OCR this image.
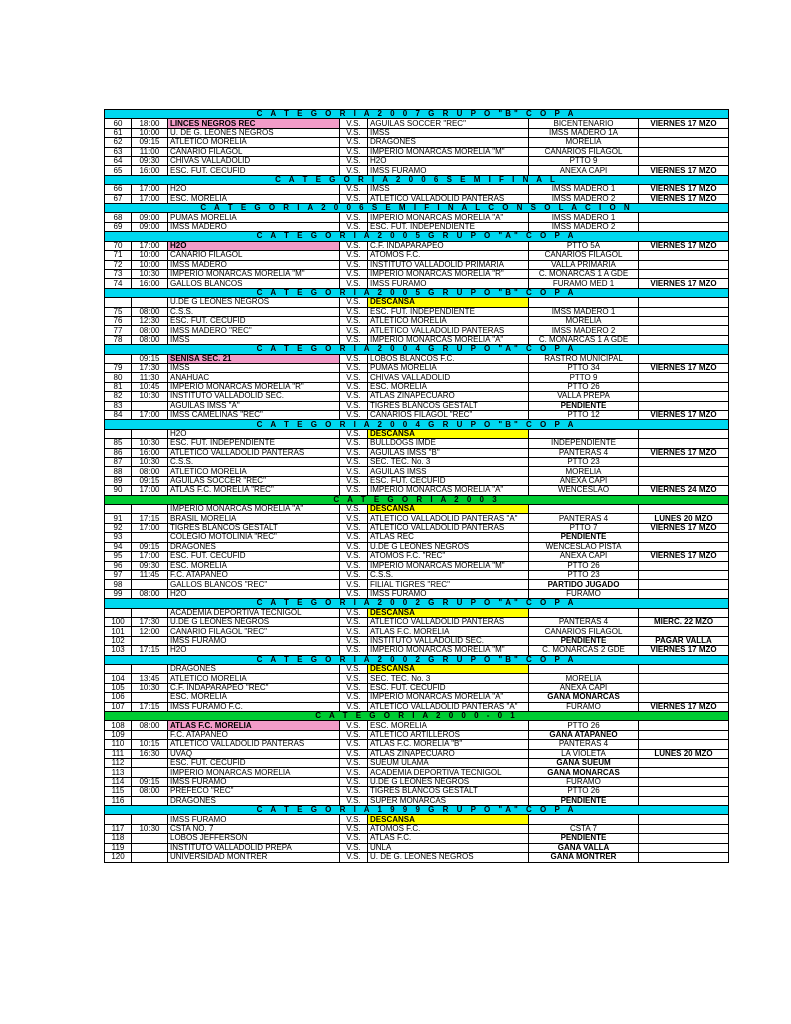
C A T E G O R I A 2 0 0 7 G R U P O "B" C O P A						
60	18:00	LINCES NEGROS REC	V.S.	AGUILAS SOCCER "REC"	BICENTENARIO	VIERNES 17 MZO
61	10:00	U. DE G. LEONES NEGROS	V.S.	IMSS	IMSS MADERO 1A	
62	09:15	ATLETICO MORELIA	V.S.	DRAGONES	MORELIA	
63	11:00	CANARIO FILAGOL	V.S.	IMPERIO MONARCAS MORELIA "M"	CANARIOS FILAGOL	
64	09:30	CHIVAS VALLADOLID	V.S.	H2O	PTTO 9	
65	16:00	ESC. FUT. CECUFID	V.S.	IMSS FURAMO	ANEXA CAPI	VIERNES 17 MZO
C A T E G O R I A 2 0 0 6 S E M I F I N A L						
66	17:00	H2O	V.S.	IMSS	IMSS MADERO 1	VIERNES 17 MZO
67	17:00	ESC. MORELIA	V.S.	ATLETICO VALLADOLID PANTERAS	IMSS MADERO 2	VIERNES 17 MZO
C A T E G O R I A 2 0 0 6 S E M I F I N A L C O N S O L A C I O N						
68	09:00	PUMAS MORELIA	V.S.	IMPERIO MONARCAS MORELIA "A"	IMSS MADERO 1	
69	09:00	IMSS MADERO	V.S.	ESC. FUT. INDEPENDIENTE	IMSS MADERO 2	
C A T E G O R I A 2 0 0 5 G R U P O "A" C O P A						
70	17:00	H2O	V.S.	C.F. INDAPARAPEO	PTTO 5A	VIERNES 17 MZO
71	10:00	CANARIO FILAGOL	V.S.	ATOMOS F.C.	CANARIOS FILAGOL	
72	10:00	IMSS MADERO	V.S.	INSTITUTO VALLADOLID PRIMARIA	VALLA PRIMARIA	
73	10:30	IMPERIO MONARCAS MORELIA "M"	V.S.	IMPERIO MONARCAS MORELIA "R"	C. MONARCAS 1 A GDE	
74	16:00	GALLOS BLANCOS	V.S.	IMSS FURAMO	FURAMO MED 1	VIERNES 17 MZO
C A T E G O R I A 2 0 0 5 G R U P O "B" C O P A						
		U.DE G LEONES NEGROS	V.S.	DESCANSA		
75	08:00	C.S.S.	V.S.	ESC. FUT. INDEPENDIENTE	IMSS MADERO 1	
76	12:30	ESC. FUT. CECUFID	V.S.	ATLETICO MORELIA	MORELIA	
77	08:00	IMSS MADERO "REC"	V.S.	ATLETICO VALLADOLID PANTERAS	IMSS MADERO 2	
78	08:00	IMSS	V.S.	IMPERIO MONARCAS MORELIA "A"	C. MONARCAS 1 A GDE	
C A T E G O R I A 2 0 0 4 G R U P O "A" C O P A						
	09:15	SENISA SEC. 21	V.S.	LOBOS BLANCOS F.C.	RASTRO MUNICIPAL	
79	17:30	IMSS	V.S.	PUMAS MORELIA	PTTO 34	VIERNES 17 MZO
80	11:30	ANAHUAC	V.S.	CHIVAS VALLADOLID	PTTO 9	
81	10:45	IMPERIO MONARCAS MORELIA "R"	V.S.	ESC. MORELIA	PTTO 26	
82	10:30	INSTITUTO VALLADOLID SEC.	V.S.	ATLAS ZINAPECUARO	VALLA PREPA	
83		AGUILAS IMSS "A"	V.S.	TIGRES BLANCOS GESTALT	PENDIENTE	
84	17:00	IMSS CAMELINAS "REC"	V.S.	CANARIOS FILAGOL "REC"	PTTO 12	VIERNES 17 MZO
C A T E G O R I A 2 0 0 4 G R U P O "B" C O P A						
		H2O	V.S.	DESCANSA		
85	10:30	ESC. FUT. INDEPENDIENTE	V.S.	BULLDOGS IMDE	INDEPENDIENTE	
86	16:00	ATLETICO VALLADOLID PANTERAS	V.S.	AGUILAS IMSS "B"	PANTERAS 4	VIERNES 17 MZO
87	10:30	C.S.S.	V.S.	SEC. TEC. No. 3	PTTO 23	
88	08:00	ATLETICO MORELIA	V.S.	AGUILAS IMSS	MORELIA	
89	09:15	AGUILAS SOCCER "REC"	V.S.	ESC. FUT. CECUFID	ANEXA CAPI	
90	17:00	ATLAS F.C. MORELIA "REC"	V.S.	IMPERIO MONARCAS MORELIA "A"	WENCESLAO	VIERNES 24 MZO
C A T E G O R I A 2 0 0 3						
		IMPERIO MONARCAS MORELIA "A"	V.S.	DESCANSA		
91	17:15	BRASIL MORELIA	V.S.	ATLETICO VALLADOLID PANTERAS "A"	PANTERAS 4	LUNES 20 MZO
92	17:00	TIGRES BLANCOS GESTALT	V.S.	ATLETICO VALLADOLID PANTERAS	PTTO 7	VIERNES 17 MZO
93		COLEGIO MOTOLINIA "REC"	V.S.	ATLAS REC	PENDIENTE	
94	09:15	DRAGONES	V.S.	U.DE G LEONES NEGROS	WENCESLAO PISTA	
95	17:00	ESC. FUT. CECUFID	V.S.	ATOMOS F.C. "REC"	ANEXA CAPI	VIERNES 17 MZO
96	09:30	ESC. MORELIA	V.S.	IMPERIO MONARCAS MORELIA "M"	PTTO 26	
97	11:45	F.C. ATAPANEO	V.S.	C.S.S.	PTTO 23	
98		GALLOS BLANCOS "REC"	V.S.	FILIAL TIGRES "REC"	PARTIDO JUGADO	
99	08:00	H2O	V.S.	IMSS FURAMO	FURAMO	
C A T E G O R I A 2 0 0 2 G R U P O "A" C O P A						
		ACADEMIA DEPORTIVA TECNIGOL	V.S.	DESCANSA		
100	17:30	U.DE G LEONES NEGROS	V.S.	ATLETICO VALLADOLID PANTERAS	PANTERAS 4	MIERC. 22 MZO
101	12:00	CANARIO FILAGOL "REC"	V.S.	ATLAS F.C. MORELIA	CANARIOS FILAGOL	
102		IMSS FURAMO	V.S.	INSTITUTO VALLADOLID SEC.	PENDIENTE	PAGAR VALLA
103	17:15	H2O	V.S.	IMPERIO MONARCAS MORELIA "M"	C. MONARCAS 2 GDE	VIERNES 17 MZO
C A T E G O R I A 2 0 0 2 G R U P O "B" C O P A						
		DRAGONES	V.S.	DESCANSA		
104	13:45	ATLETICO MORELIA	V.S.	SEC. TEC. No. 3	MORELIA	
105	10:30	C.F. INDAPARAPEO "REC"	V.S.	ESC. FUT. CECUFID	ANEXA CAPI	
106		ESC. MORELIA	V.S.	IMPERIO MONARCAS MORELIA "A"	GANA MONARCAS	
107	17:15	IMSS FURAMO F.C.	V.S.	ATLETICO VALLADOLID PANTERAS "A"	FURAMO	VIERNES 17 MZO
C A T E G O R I A 2 0 0 0 - 0 1						
108	08:00	ATLAS F.C. MORELIA	V.S.	ESC. MORELIA	PTTO 26	
109		F.C. ATAPANEO	V.S.	ATLETICO ARTILLEROS	GANA ATAPANEO	
110	10:15	ATLETICO VALLADOLID PANTERAS	V.S.	ATLAS F.C. MORELIA "B"	PANTERAS 4	
111	16:30	UVAQ	V.S.	ATLAS ZINAPECUARO	LA VIOLETA	LUNES 20 MZO
112		ESC. FUT. CECUFID	V.S.	SUEUM ULAMA	GANA SUEUM	
113		IMPERIO MONARCAS MORELIA	V.S.	ACADEMIA DEPORTIVA TECNIGOL	GANA MONARCAS	
114	09:15	IMSS FURAMO	V.S.	U.DE G LEONES NEGROS	FURAMO	
115	08:00	PREFECO "REC"	V.S.	TIGRES BLANCOS GESTALT	PTTO 26	
116		DRAGONES	V.S.	SUPER MONARCAS	PENDIENTE	
C A T E G O R I A 1 9 9 9 G R U P O "A" C O P A						
		IMSS FURAMO	V.S.	DESCANSA		
117	10:30	CSTA NO. 7	V.S.	ATOMOS F.C.	CSTA 7	
118		LOBOS JEFFERSON	V.S.	ATLAS F.C.	PENDIENTE	
119		INSTITUTO VALLADOLID PREPA	V.S.	UNLA	GANA VALLA	
120		UNIVERSIDAD MONTRER	V.S.	U. DE G. LEONES NEGROS	GANA MONTRER	
